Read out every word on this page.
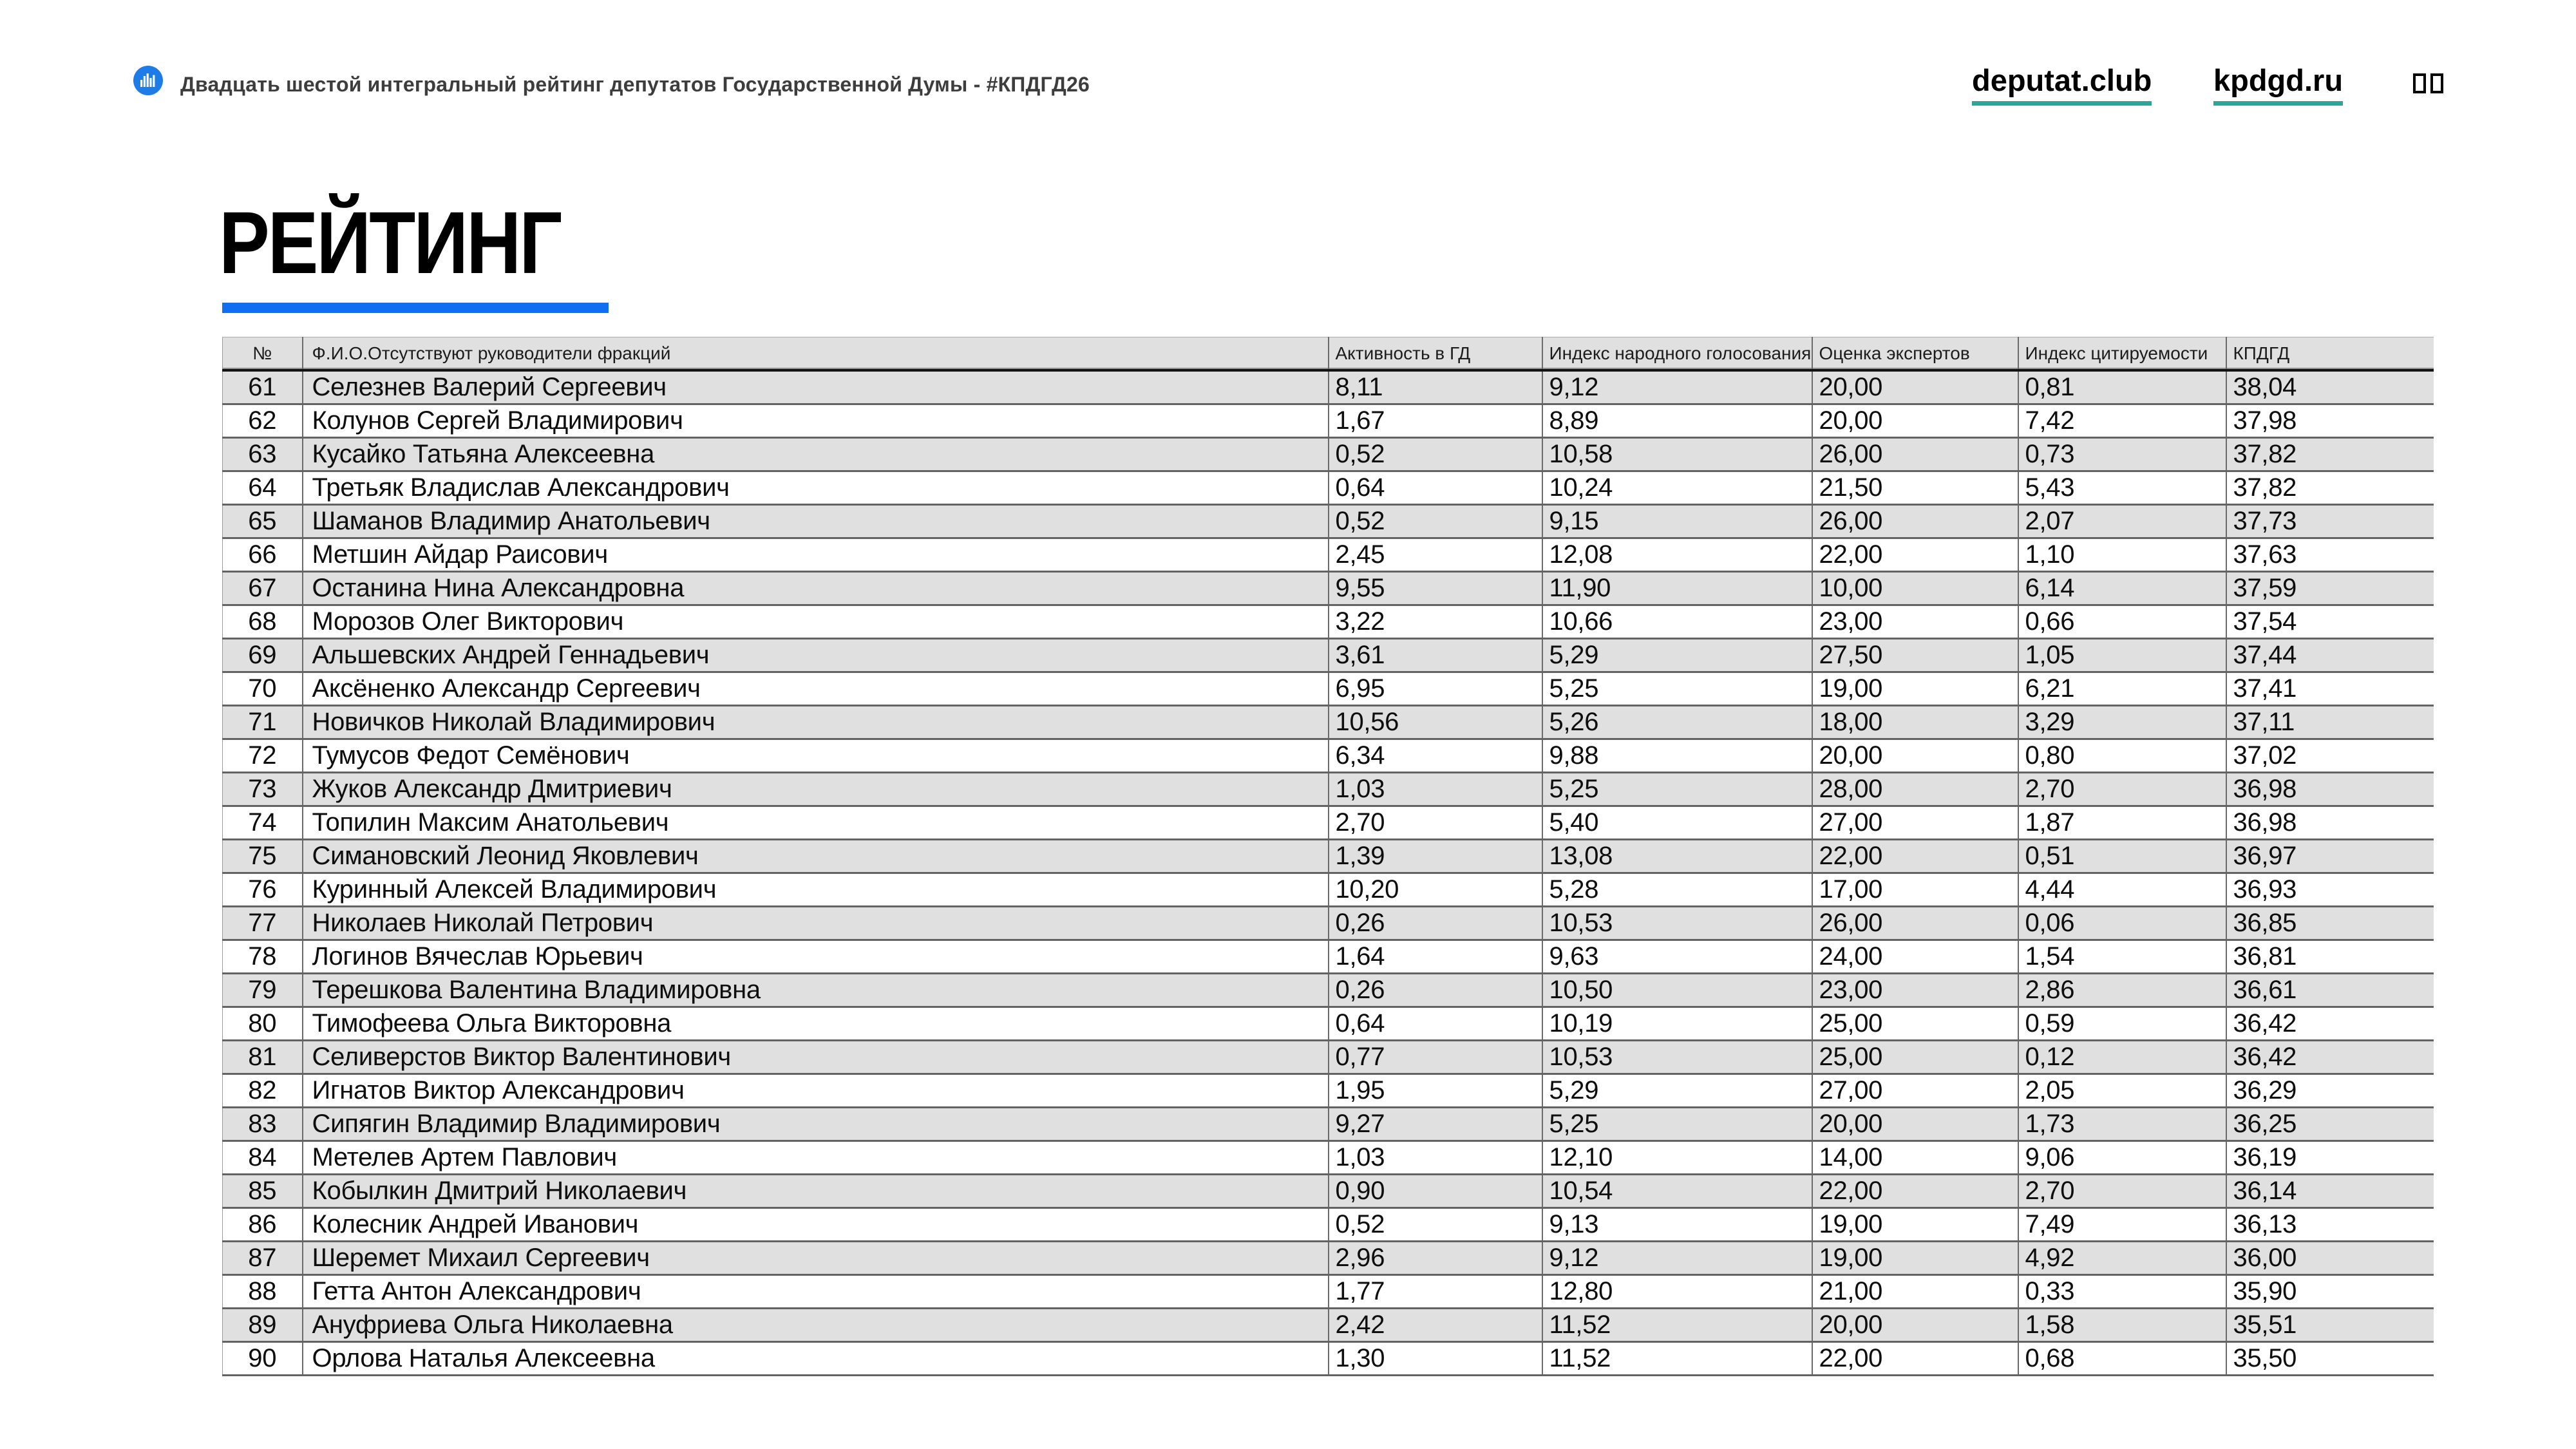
Двадцать шестой интегральный рейтинг депутатов Государственной Думы - #КПДГД26	deputat.club kpdgd.ru
РЕЙТИНГ
№	Ф.И.О.Отсутствуют руководители фракций	Активность в ГД	Индекс народного голосования	Оценка экспертов	Индекс цитируемости	КПДГД
61	Селезнев Валерий Сергеевич	8,11	9,12	20,00	0,81	38,04
62	Колунов Сергей Владимирович	1,67	8,89	20,00	7,42	37,98
63	Кусайко Татьяна Алексеевна	0,52	10,58	26,00	0,73	37,82
64	Третьяк Владислав Александрович	0,64	10,24	21,50	5,43	37,82
65	Шаманов Владимир Анатольевич	0,52	9,15	26,00	2,07	37,73
66	Метшин Айдар Раисович	2,45	12,08	22,00	1,10	37,63
67	Останина Нина Александровна	9,55	11,90	10,00	6,14	37,59
68	Морозов Олег Викторович	3,22	10,66	23,00	0,66	37,54
69	Альшевских Андрей Геннадьевич	3,61	5,29	27,50	1,05	37,44
70	Аксёненко Александр Сергеевич	6,95	5,25	19,00	6,21	37,41
71	Новичков Николай Владимирович	10,56	5,26	18,00	3,29	37,11
72	Тумусов Федот Семёнович	6,34	9,88	20,00	0,80	37,02
73	Жуков Александр Дмитриевич	1,03	5,25	28,00	2,70	36,98
74	Топилин Максим Анатольевич	2,70	5,40	27,00	1,87	36,98
75	Симановский Леонид Яковлевич	1,39	13,08	22,00	0,51	36,97
76	Куринный Алексей Владимирович	10,20	5,28	17,00	4,44	36,93
77	Николаев Николай Петрович	0,26	10,53	26,00	0,06	36,85
78	Логинов Вячеслав Юрьевич	1,64	9,63	24,00	1,54	36,81
79	Терешкова Валентина Владимировна	0,26	10,50	23,00	2,86	36,61
80	Тимофеева Ольга Викторовна	0,64	10,19	25,00	0,59	36,42
81	Селиверстов Виктор Валентинович	0,77	10,53	25,00	0,12	36,42
82	Игнатов Виктор Александрович	1,95	5,29	27,00	2,05	36,29
83	Сипягин Владимир Владимирович	9,27	5,25	20,00	1,73	36,25
84	Метелев Артем Павлович	1,03	12,10	14,00	9,06	36,19
85	Кобылкин Дмитрий Николаевич	0,90	10,54	22,00	2,70	36,14
86	Колесник Андрей Иванович	0,52	9,13	19,00	7,49	36,13
87	Шеремет Михаил Сергеевич	2,96	9,12	19,00	4,92	36,00
88	Гетта Антон Александрович	1,77	12,80	21,00	0,33	35,90
89	Ануфриева Ольга Николаевна	2,42	11,52	20,00	1,58	35,51
90	Орлова Наталья Алексеевна	1,30	11,52	22,00	0,68	35,50
